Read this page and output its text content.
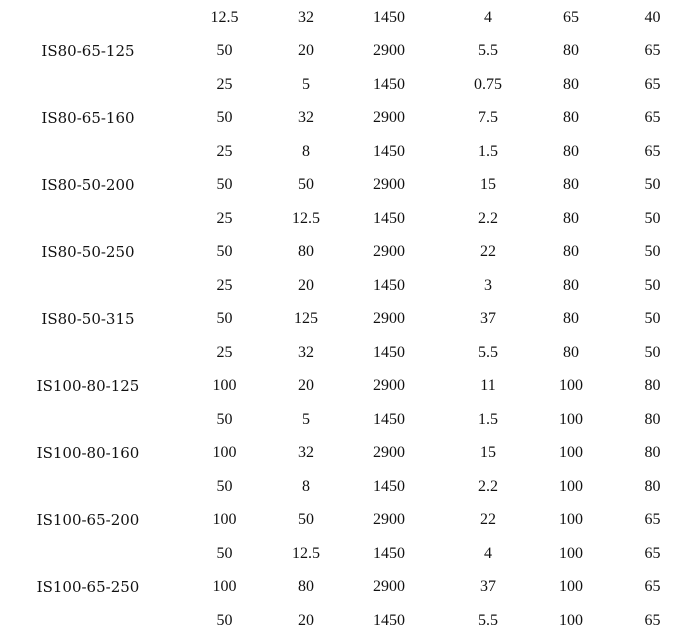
	12.5	32	1450	4	65	40
IS80-65-125	50	20	2900	5.5	80	65
	25	5	1450	0.75	80	65
IS80-65-160	50	32	2900	7.5	80	65
	25	8	1450	1.5	80	65
IS80-50-200	50	50	2900	15	80	50
	25	12.5	1450	2.2	80	50
IS80-50-250	50	80	2900	22	80	50
	25	20	1450	3	80	50
IS80-50-315	50	125	2900	37	80	50
	25	32	1450	5.5	80	50
IS100-80-125	100	20	2900	11	100	80
	50	5	1450	1.5	100	80
IS100-80-160	100	32	2900	15	100	80
	50	8	1450	2.2	100	80
IS100-65-200	100	50	2900	22	100	65
	50	12.5	1450	4	100	65
IS100-65-250	100	80	2900	37	100	65
	50	20	1450	5.5	100	65
